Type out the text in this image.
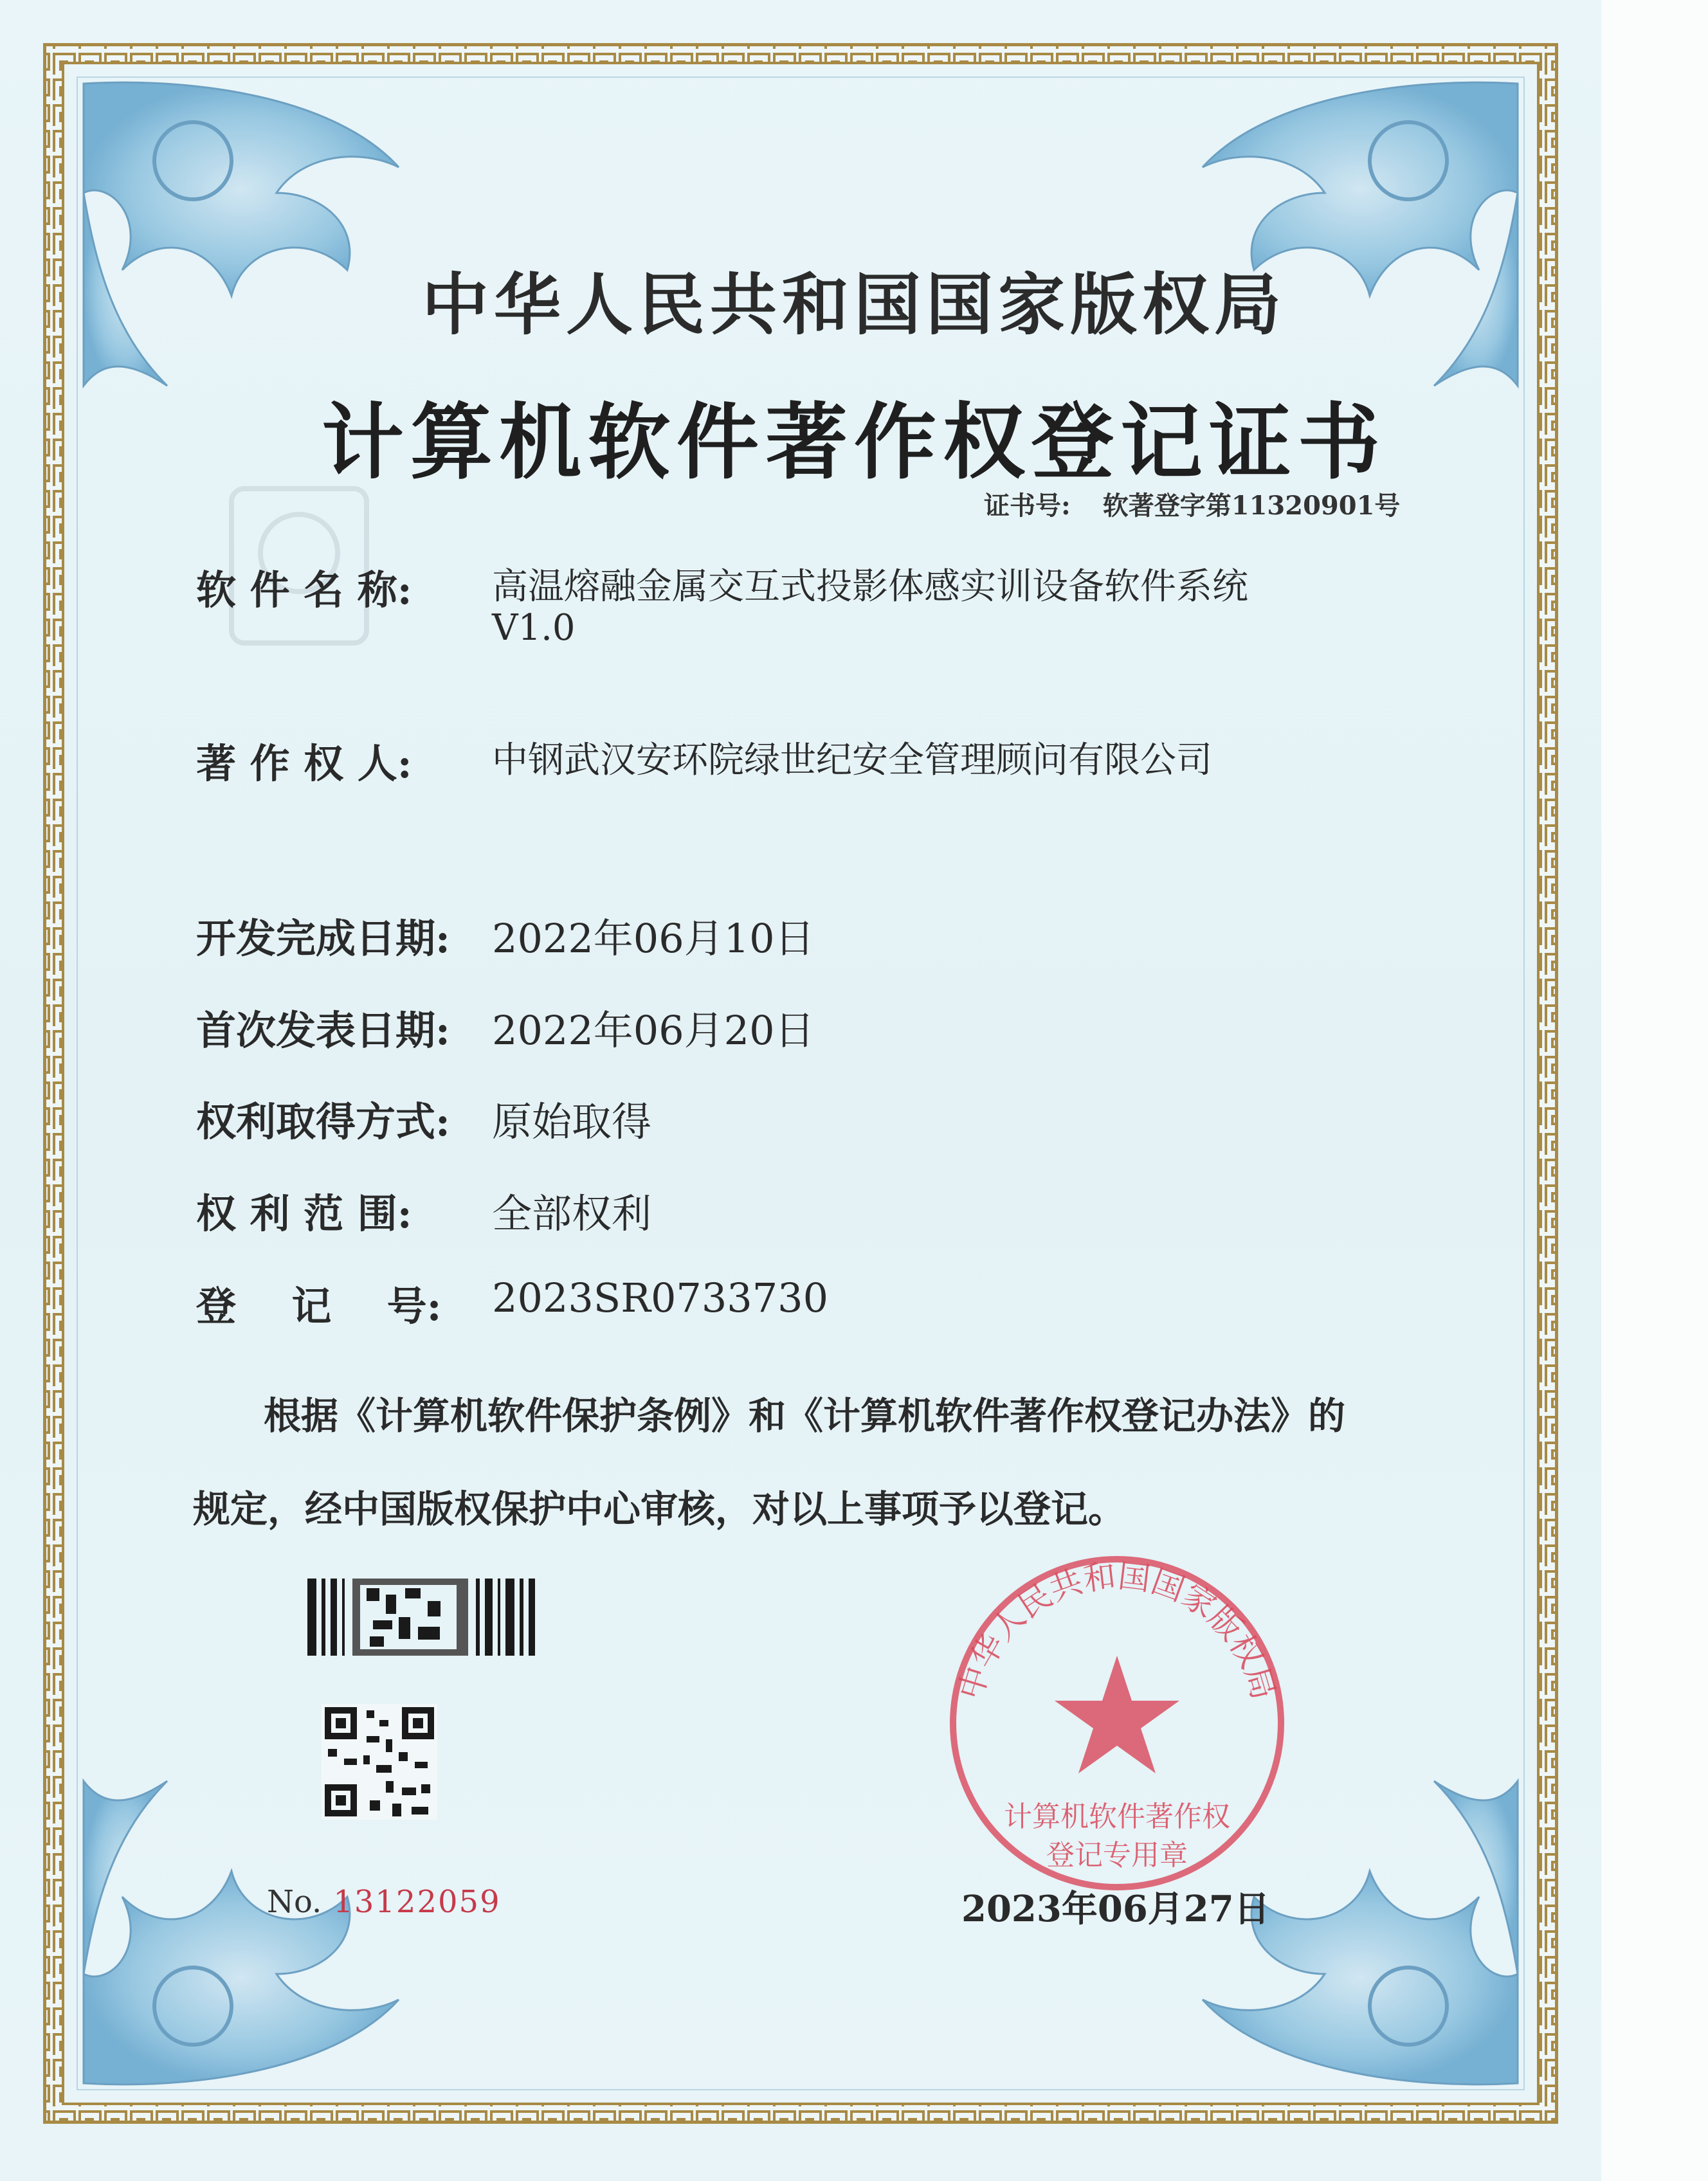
中华人民共和国国家版权局
计算机软件著作权登记证书
证书号: 软著登字第11320901号
软 件 名 称: 高温熔融金属交互式投影体感实训设备软件系统
V1.0
著 作 权 人: 中钢武汉安环院绿世纪安全管理顾问有限公司
开发完成日期: 2022年06月10日
首次发表日期: 2022年06月20日
权利取得方式: 原始取得
权 利 范 围: 全部权利
登    记    号: 2023SR0733730
根据《计算机软件保护条例》和《计算机软件著作权登记办法》的
规定，经中国版权保护中心审核，对以上事项予以登记。
No. 13122059
中华人民共和国国家版权局
计算机软件著作权
登记专用章
2023年06月27日
